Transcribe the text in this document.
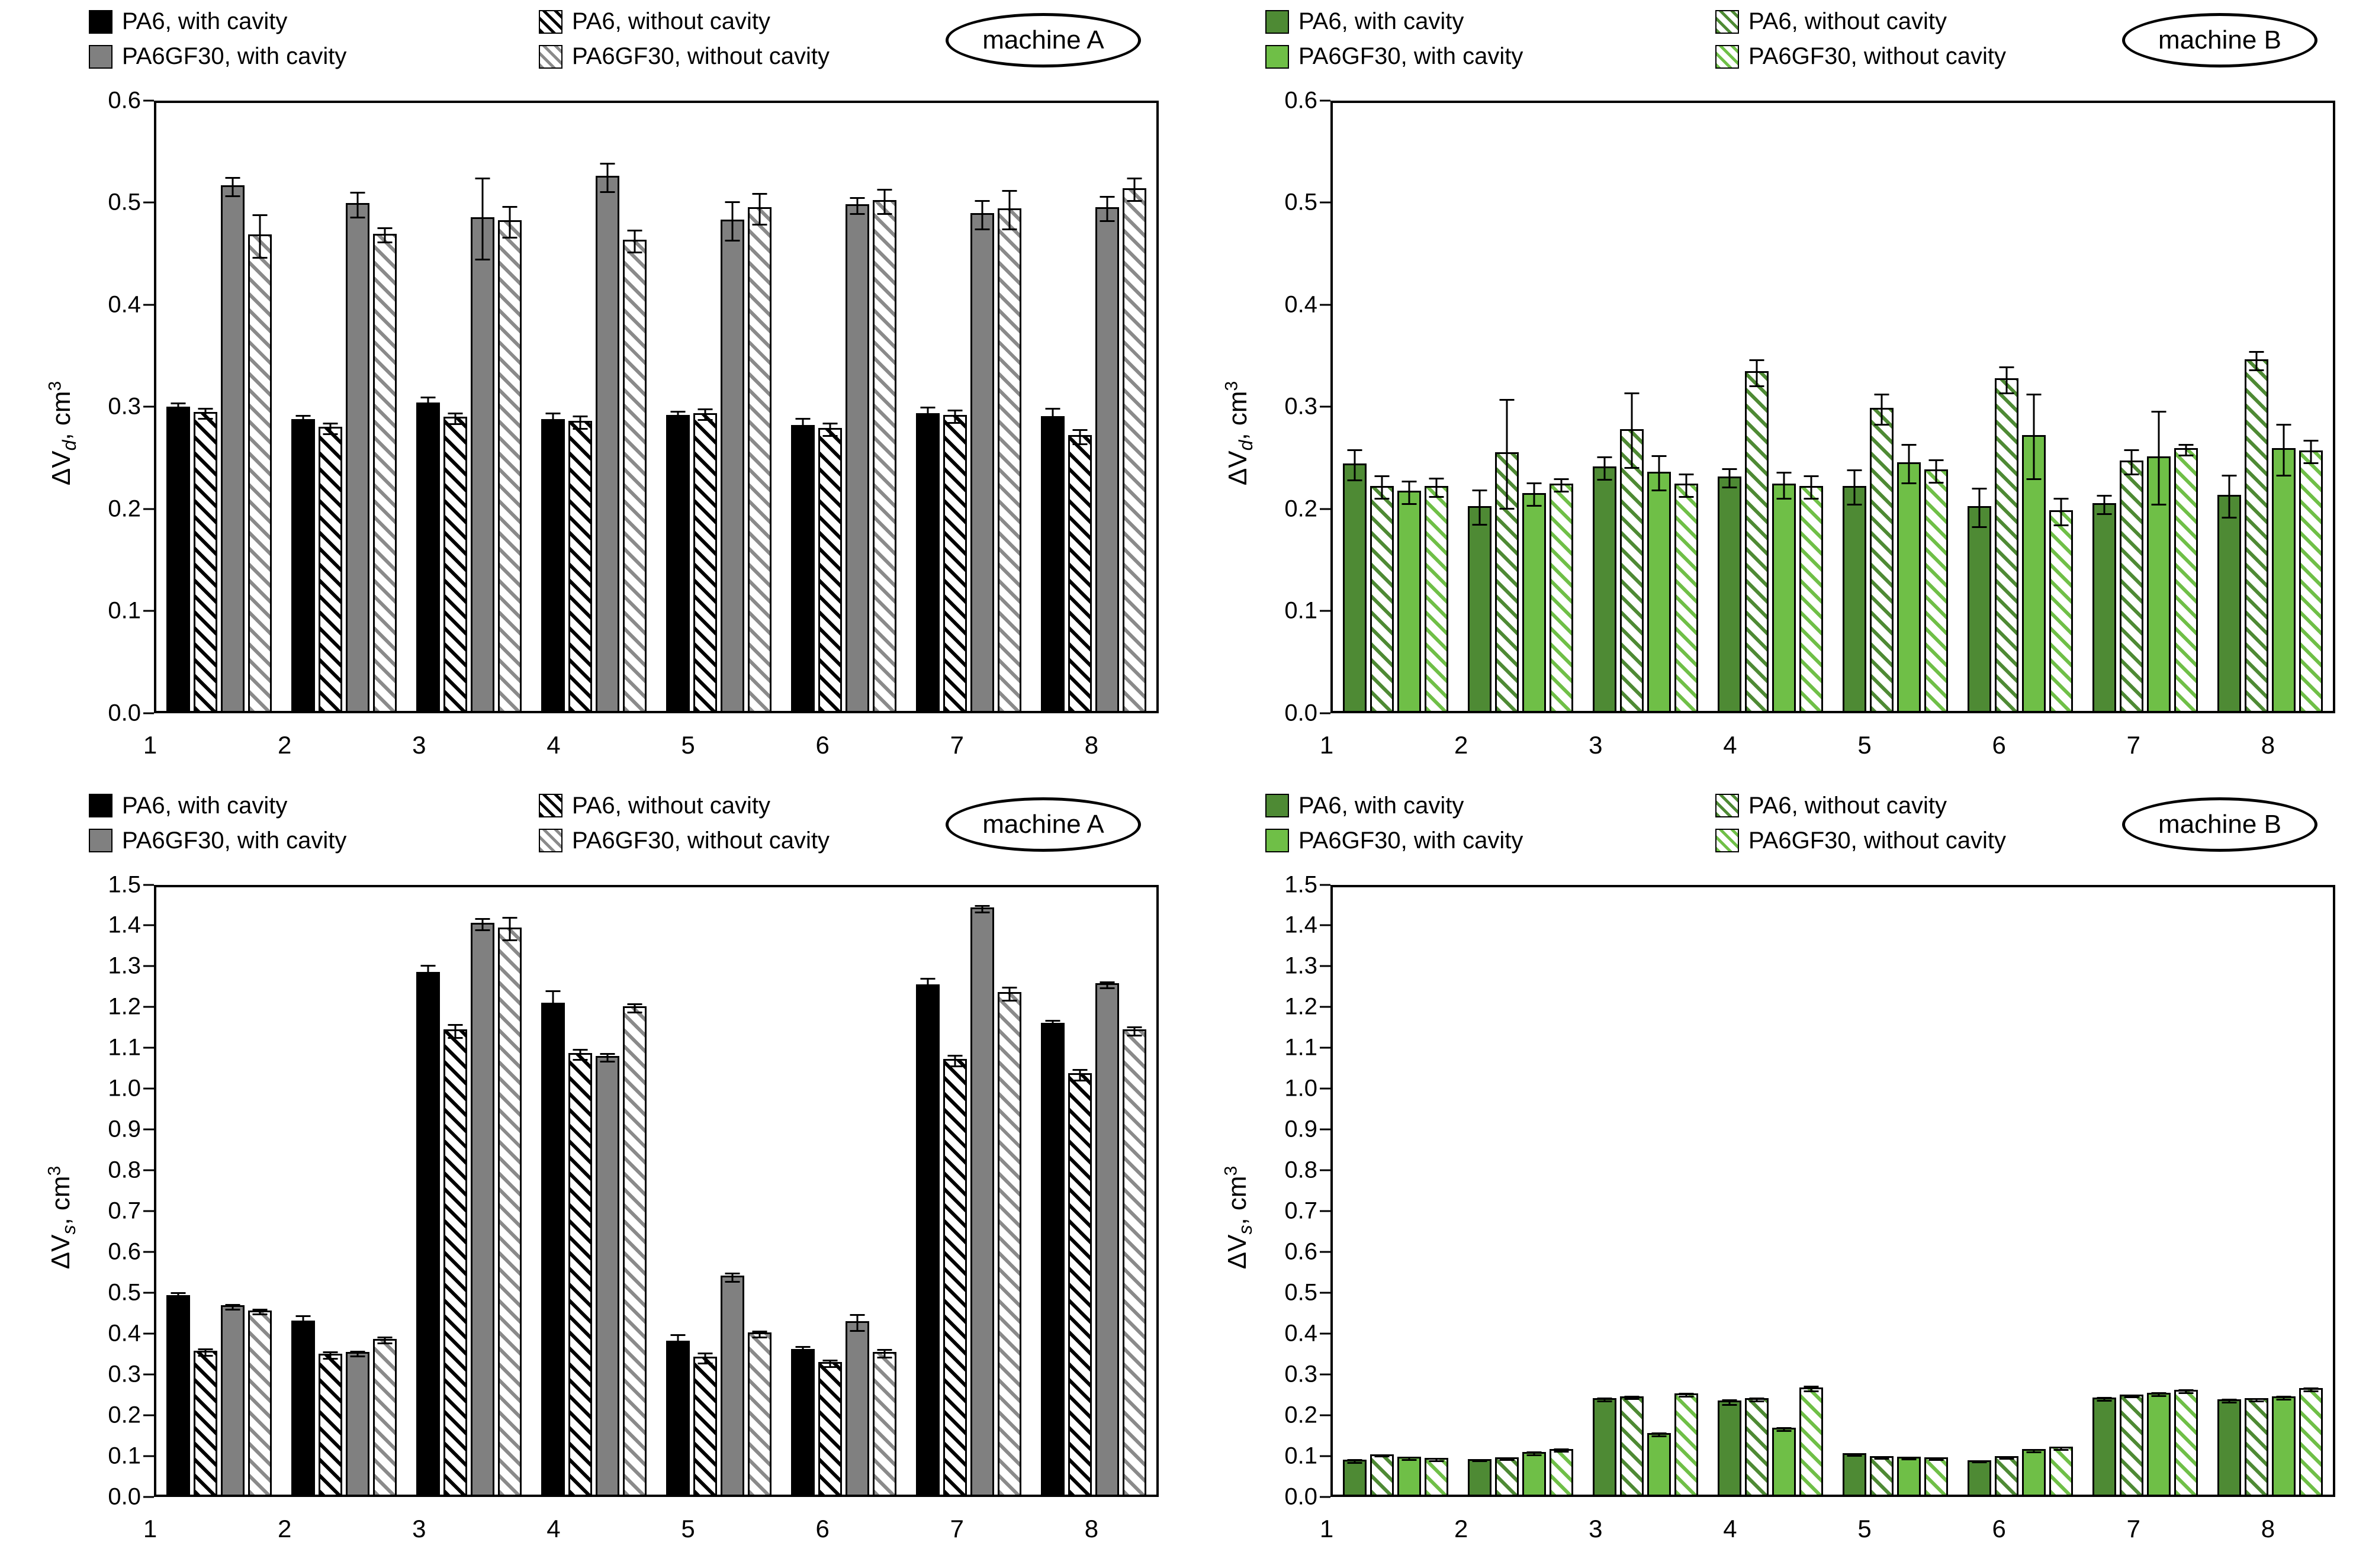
PA6, with cavity	PA6, without cavity
PA6GF30, with cavity	PA6GF30, without cavity
machine A
$\Delta V_d$, $cm^3$
0.0
0.1
0.2
0.3
0.4
0.5
0.6
1	2	3	4	5	6	7	8
PA6, with cavity	PA6, without cavity
PA6GF30, with cavity	PA6GF30, without cavity
machine B
$\Delta V_d$, $cm^3$
0.0
0.1
0.2
0.3
0.4
0.5
0.6
1	2	3	4	5	6	7	8
PA6, with cavity	PA6, without cavity
PA6GF30, with cavity	PA6GF30, without cavity
machine A
$\Delta V_s$, $cm^3$
0.0
0.1
0.2
0.3
0.4
0.5
0.6
0.7
0.8
0.9
1.0
1.1
1.2
1.3
1.4
1.5
1	2	3	4	5	6	7	8
PA6, with cavity	PA6, without cavity
PA6GF30, with cavity	PA6GF30, without cavity
machine B
$\Delta V_s$, $cm^3$
0.0
0.1
0.2
0.3
0.4
0.5
0.6
0.7
0.8
0.9
1.0
1.1
1.2
1.3
1.4
1.5
1	2	3	4	5	6	7	8
